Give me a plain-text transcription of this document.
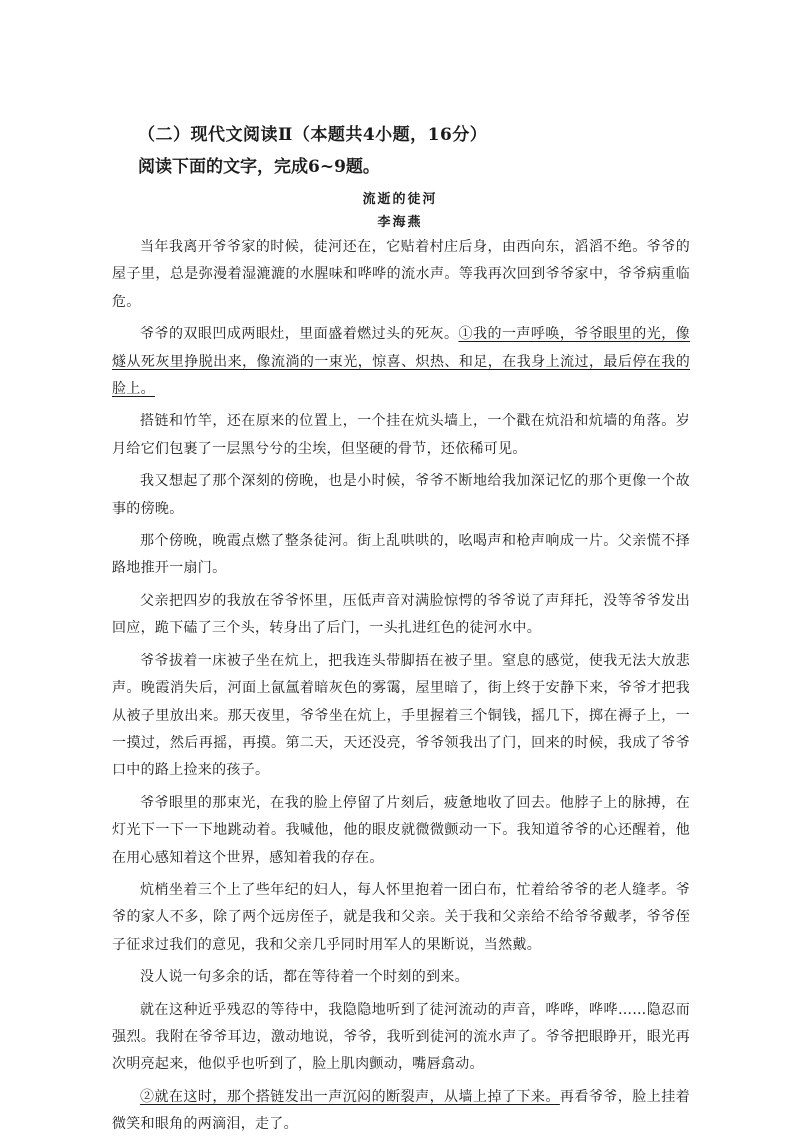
（二）现代文阅读Ⅱ（本题共4小题，16分）
阅读下面的文字，完成6~9题。
流逝的徒河
李海燕

当年我离开爷爷家的时候，徒河还在，它贴着村庄后身，由西向东，滔滔不绝。爷爷的屋子里，总是弥漫着湿漉漉的水腥味和哗哗的流水声。等我再次回到爷爷家中，爷爷病重临危。

爷爷的双眼凹成两眼灶，里面盛着燃过头的死灰。①我的一声呼唤，爷爷眼里的光，像燧从死灰里挣脱出来，像流淌的一束光，惊喜、炽热、和足，在我身上流过，最后停在我的脸上。

搭链和竹竿，还在原来的位置上，一个挂在炕头墙上，一个戳在炕沿和炕墙的角落。岁月给它们包裹了一层黑兮兮的尘埃，但坚硬的骨节，还依稀可见。

我又想起了那个深刻的傍晚，也是小时候，爷爷不断地给我加深记忆的那个更像一个故事的傍晚。

那个傍晚，晚霞点燃了整条徒河。街上乱哄哄的，吆喝声和枪声响成一片。父亲慌不择路地推开一扇门。

父亲把四岁的我放在爷爷怀里，压低声音对满脸惊愕的爷爷说了声拜托，没等爷爷发出回应，跪下磕了三个头，转身出了后门，一头扎进红色的徒河水中。

爷爷拔着一床被子坐在炕上，把我连头带脚捂在被子里。窒息的感觉，使我无法大放悲声。晚霞消失后，河面上氤氲着暗灰色的雾霭，屋里暗了，街上终于安静下来，爷爷才把我从被子里放出来。那天夜里，爷爷坐在炕上，手里握着三个铜钱，摇几下，掷在褥子上，一一摸过，然后再摇，再摸。第二天，天还没亮，爷爷领我出了门，回来的时候，我成了爷爷口中的路上捡来的孩子。

爷爷眼里的那束光，在我的脸上停留了片刻后，疲惫地收了回去。他脖子上的脉搏，在灯光下一下一下地跳动着。我喊他，他的眼皮就微微颤动一下。我知道爷爷的心还醒着，他在用心感知着这个世界，感知着我的存在。

炕梢坐着三个上了些年纪的妇人，每人怀里抱着一团白布，忙着给爷爷的老人缝孝。爷爷的家人不多，除了两个远房侄子，就是我和父亲。关于我和父亲给不给爷爷戴孝，爷爷侄子征求过我们的意见，我和父亲几乎同时用军人的果断说，当然戴。

没人说一句多余的话，都在等待着一个时刻的到来。

就在这种近乎残忍的等待中，我隐隐地听到了徒河流动的声音，哗哗，哗哗……隐忍而强烈。我附在爷爷耳边，激动地说，爷爷，我听到徒河的流水声了。爷爷把眼睁开，眼光再次明亮起来，他似乎也听到了，脸上肌肉颤动，嘴唇翕动。

②就在这时，那个搭链发出一声沉闷的断裂声，从墙上掉了下来。再看爷爷，脸上挂着微笑和眼角的两滴泪，走了。
